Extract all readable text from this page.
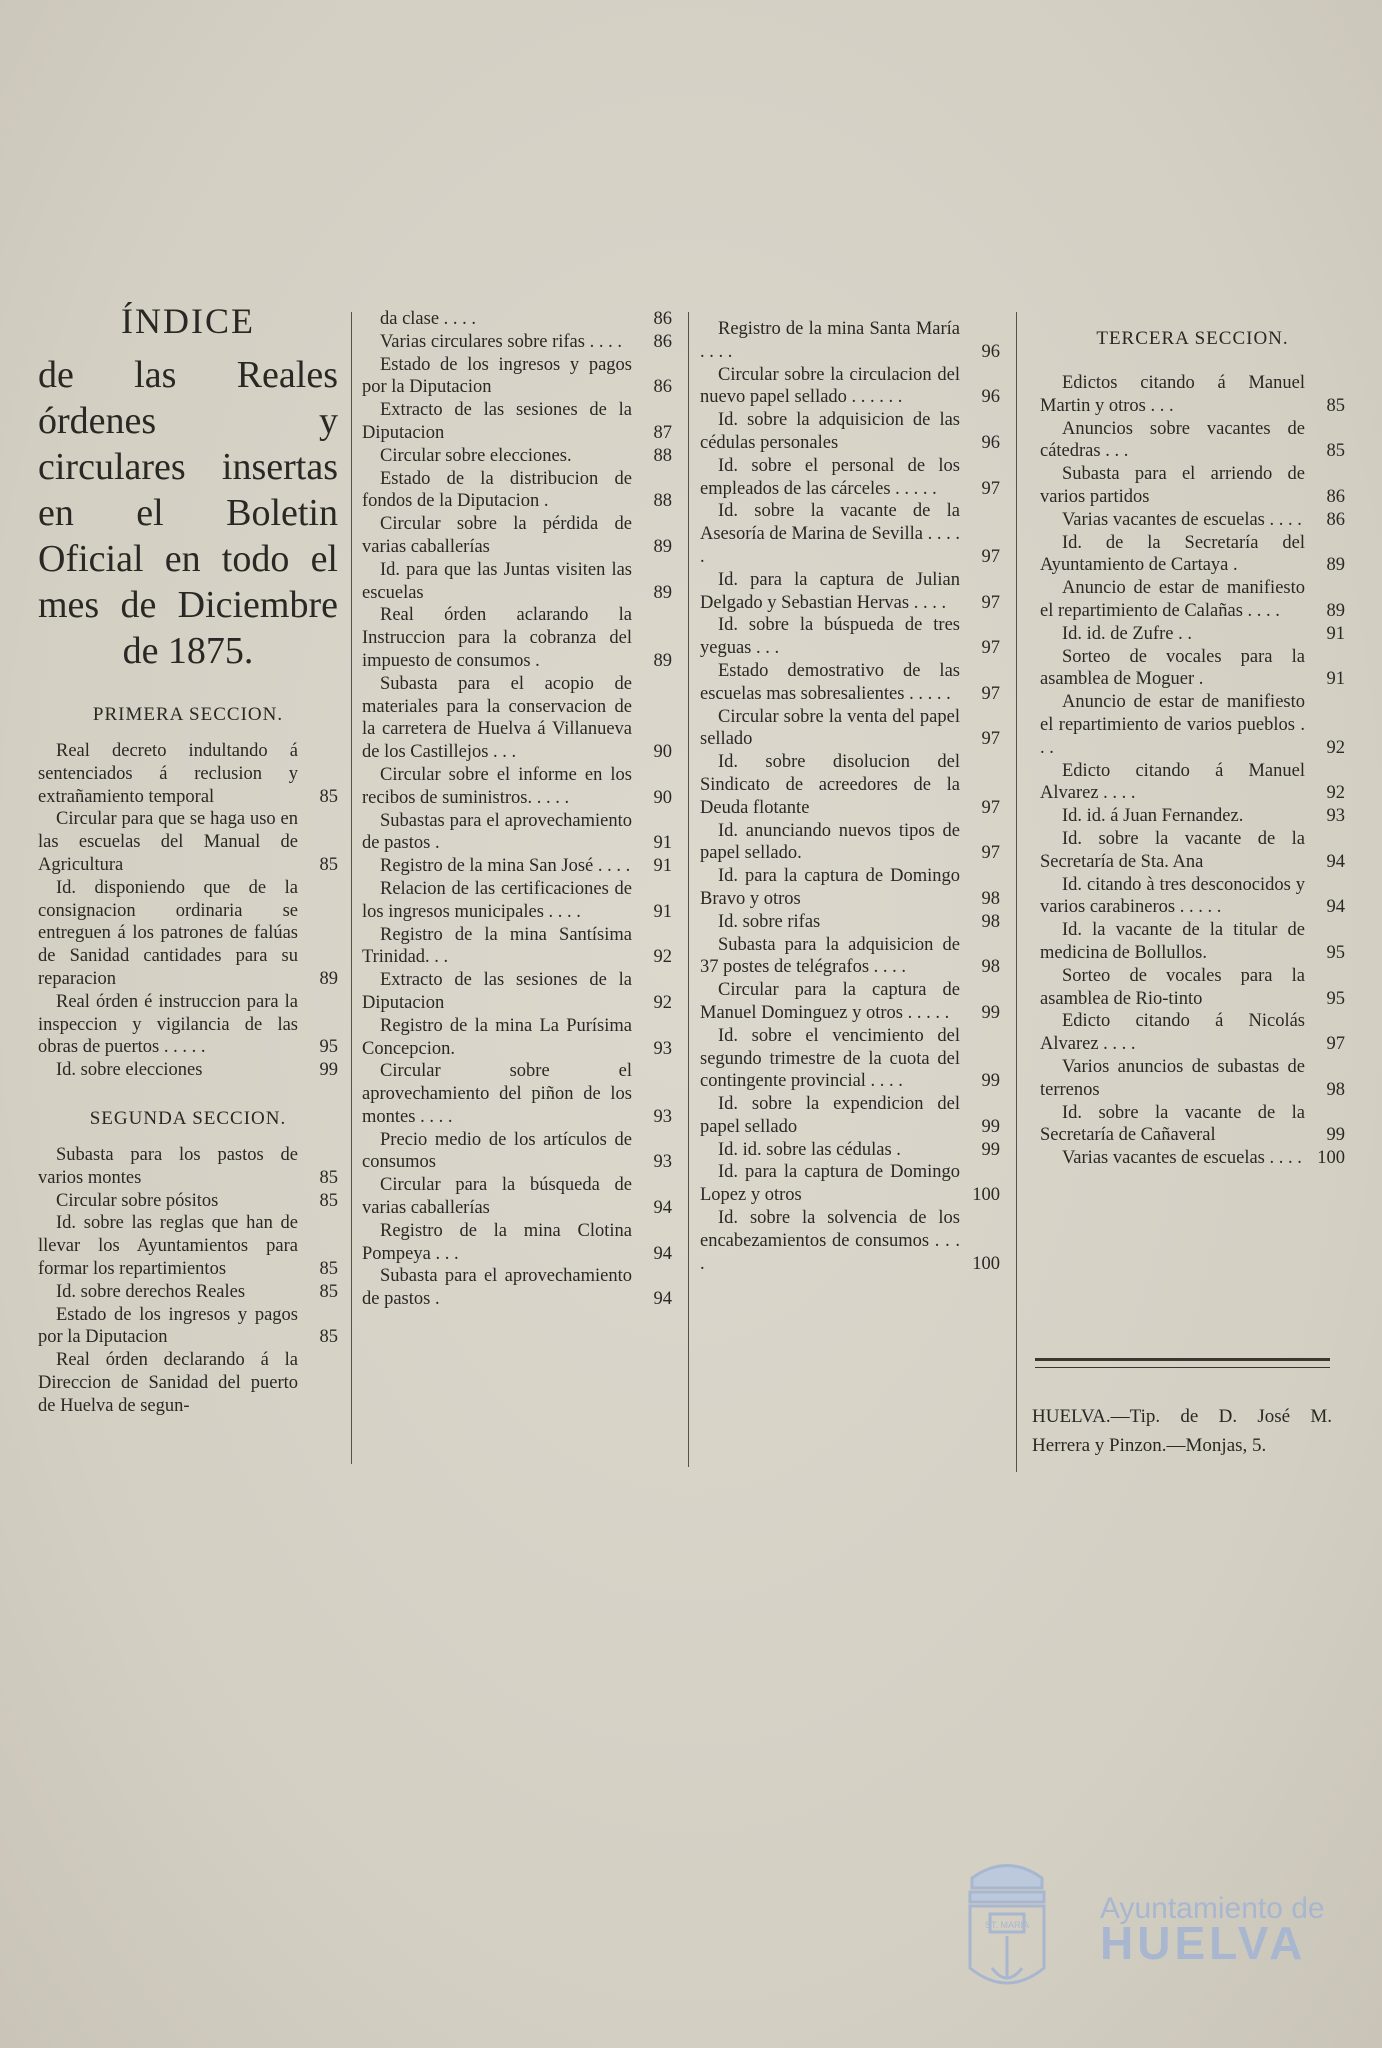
ÍNDICE
de las Reales órdenes y circulares insertas en el Boletin Oficial en todo el mes de Diciembre de 1875.
PRIMERA SECCION.
Real decreto indultando á sentenciados á reclusion y extrañamiento temporal	85
Circular para que se haga uso en las escuelas del Manual de Agricultura	85
Id. disponiendo que de la consignacion ordinaria se entreguen á los patrones de falúas de Sanidad cantidades para su reparacion	89
Real órden é instruccion para la inspeccion y vigilancia de las obras de puertos . . . . .	95
Id. sobre elecciones	99
SEGUNDA SECCION.
Subasta para los pastos de varios montes	85
Circular sobre pósitos	85
Id. sobre las reglas que han de llevar los Ayuntamientos para formar los repartimientos	85
Id. sobre derechos Reales	85
Estado de los ingresos y pagos por la Diputacion	85
Real órden declarando á la Direccion de Sanidad del puerto de Huelva de segun-
da clase . . . .	86
Varias circulares sobre rifas . . . .	86
Estado de los ingresos y pagos por la Diputacion	86
Extracto de las sesiones de la Diputacion	87
Circular sobre elecciones.	88
Estado de la distribucion de fondos de la Diputacion .	88
Circular sobre la pérdida de varias caballerías	89
Id. para que las Juntas visiten las escuelas	89
Real órden aclarando la Instruccion para la cobranza del impuesto de consumos .	89
Subasta para el acopio de materiales para la conservacion de la carretera de Huelva á Villanueva de los Castillejos . . .	90
Circular sobre el informe en los recibos de suministros. . . . .	90
Subastas para el aprovechamiento de pastos .	91
Registro de la mina San José . . . .	91
Relacion de las certificaciones de los ingresos municipales . . . .	91
Registro de la mina Santísima Trinidad. . .	92
Extracto de las sesiones de la Diputacion	92
Registro de la mina La Purísima Concepcion.	93
Circular sobre el aprovechamiento del piñon de los montes . . . .	93
Precio medio de los artículos de consumos	93
Circular para la búsqueda de varias caballerías	94
Registro de la mina Clotina Pompeya . . .	94
Subasta para el aprovechamiento de pastos .	94
Registro de la mina Santa María . . . .	96
Circular sobre la circulacion del nuevo papel sellado . . . . . .	96
Id. sobre la adquisicion de las cédulas personales	96
Id. sobre el personal de los empleados de las cárceles . . . . .	97
Id. sobre la vacante de la Asesoría de Marina de Sevilla . . . . .	97
Id. para la captura de Julian Delgado y Sebastian Hervas . . . .	97
Id. sobre la búspueda de tres yeguas . . .	97
Estado demostrativo de las escuelas mas sobresalientes . . . . .	97
Circular sobre la venta del papel sellado	97
Id. sobre disolucion del Sindicato de acreedores de la Deuda flotante	97
Id. anunciando nuevos tipos de papel sellado.	97
Id. para la captura de Domingo Bravo y otros	98
Id. sobre rifas	98
Subasta para la adquisicion de 37 postes de telégrafos . . . .	98
Circular para la captura de Manuel Dominguez y otros . . . . .	99
Id. sobre el vencimiento del segundo trimestre de la cuota del contingente provincial . . . .	99
Id. sobre la expendicion del papel sellado	99
Id. id. sobre las cédulas .	99
Id. para la captura de Domingo Lopez y otros	100
Id. sobre la solvencia de los encabezamientos de consumos . . . .	100
TERCERA SECCION.
Edictos citando á Manuel Martin y otros . . .	85
Anuncios sobre vacantes de cátedras . . .	85
Subasta para el arriendo de varios partidos	86
Varias vacantes de escuelas . . . .	86
Id. de la Secretaría del Ayuntamiento de Cartaya .	89
Anuncio de estar de manifiesto el repartimiento de Calañas . . . .	89
Id. id. de Zufre . .	91
Sorteo de vocales para la asamblea de Moguer .	91
Anuncio de estar de manifiesto el repartimiento de varios pueblos . . .	92
Edicto citando á Manuel Alvarez . . . .	92
Id. id. á Juan Fernandez.	93
Id. sobre la vacante de la Secretaría de Sta. Ana	94
Id. citando à tres desconocidos y varios carabineros . . . . .	94
Id. la vacante de la titular de medicina de Bollullos.	95
Sorteo de vocales para la asamblea de Rio-tinto	95
Edicto citando á Nicolás Alvarez . . . .	97
Varios anuncios de subastas de terrenos	98
Id. sobre la vacante de la Secretaría de Cañaveral	99
Varias vacantes de escuelas . . . . 100
HUELVA.—Tip. de D. José M. Herrera y Pinzon.—Monjas, 5.
ST. MARIA Ayuntamiento de
HUELVA
